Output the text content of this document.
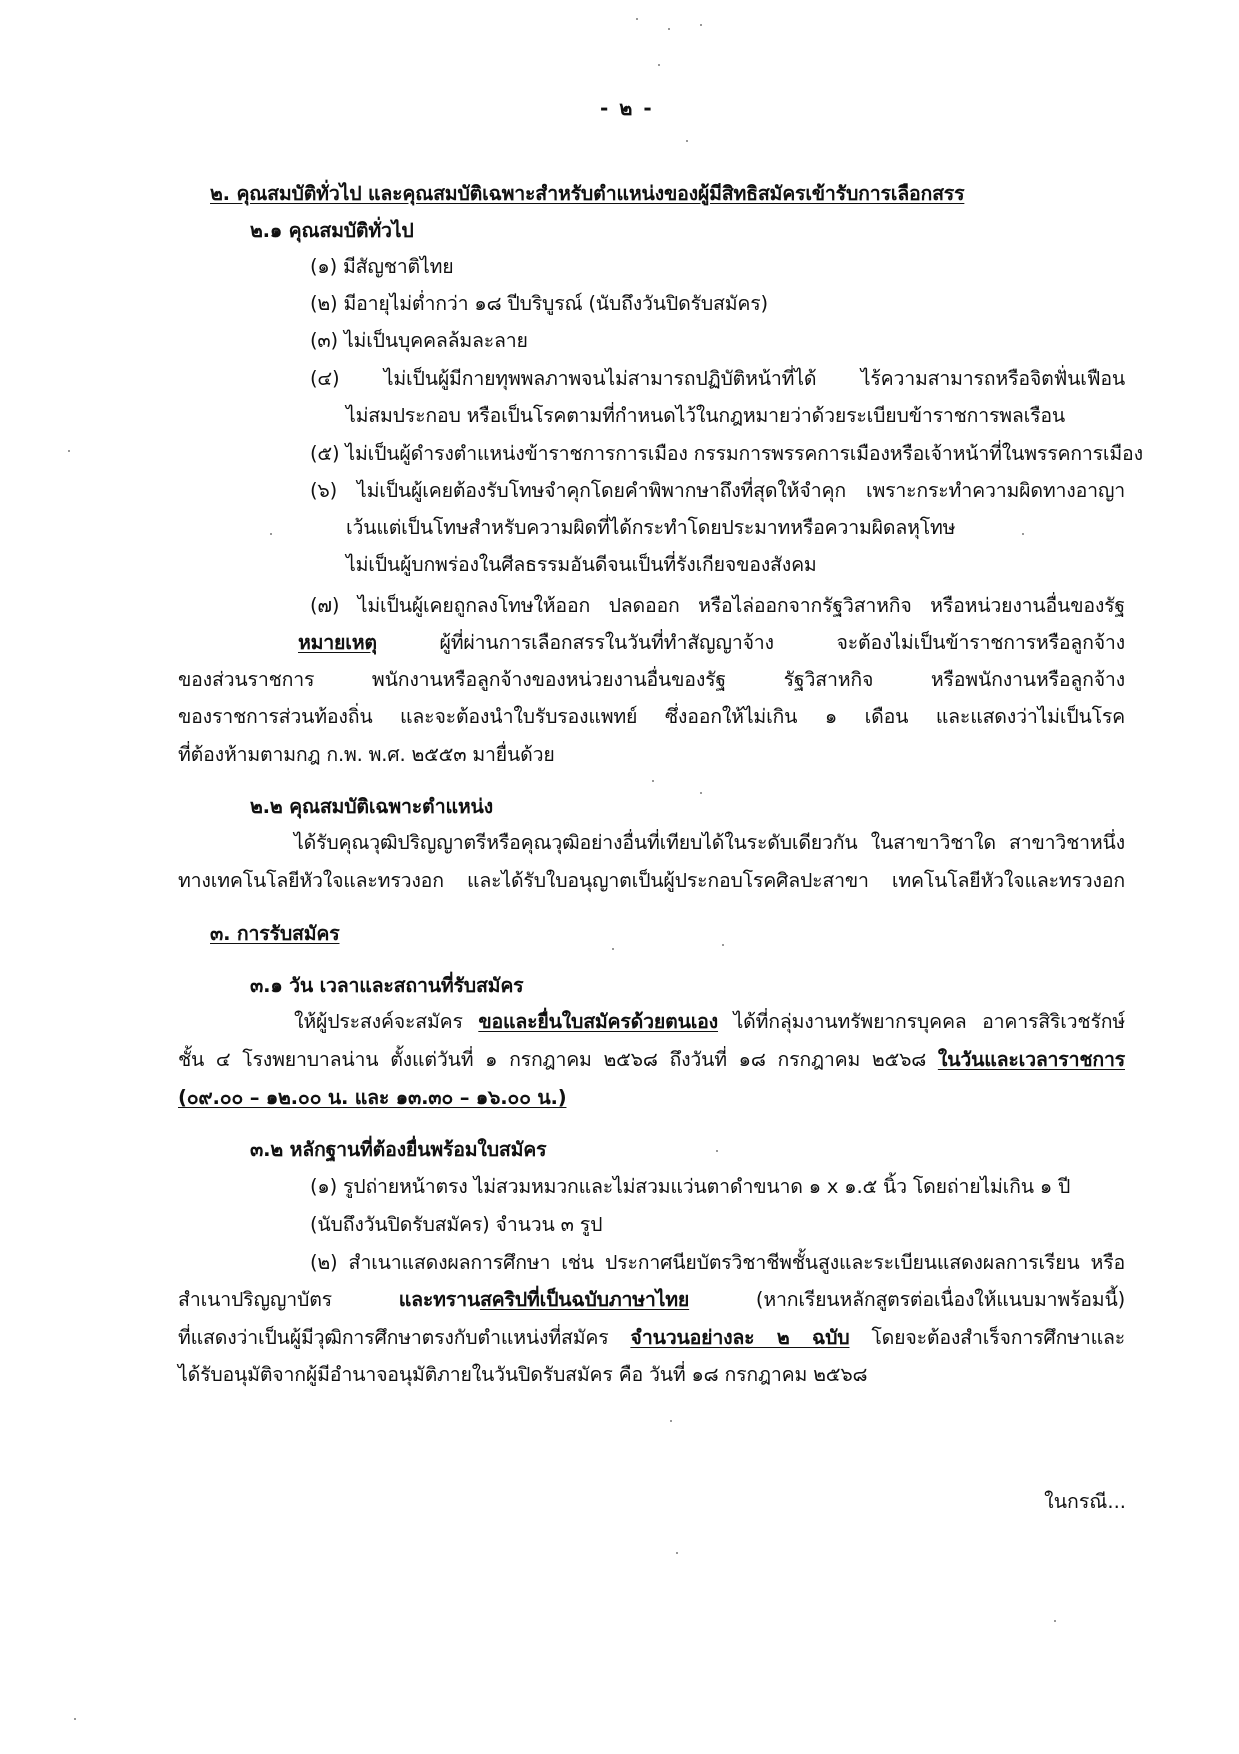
- ๒ -
๒. คุณสมบัติทั่วไป และคุณสมบัติเฉพาะสำหรับตำแหน่งของผู้มีสิทธิสมัครเข้ารับการเลือกสรร
๒.๑ คุณสมบัติทั่วไป
(๑) มีสัญชาติไทย
(๒) มีอายุไม่ต่ำกว่า ๑๘ ปีบริบูรณ์ (นับถึงวันปิดรับสมัคร)
(๓) ไม่เป็นบุคคลล้มละลาย
(๔) ไม่เป็นผู้มีกายทุพพลภาพจนไม่สามารถปฏิบัติหน้าที่ได้ ไร้ความสามารถหรือจิตฟั่นเฟือน
ไม่สมประกอบ หรือเป็นโรคตามที่กำหนดไว้ในกฎหมายว่าด้วยระเบียบข้าราชการพลเรือน
(๕) ไม่เป็นผู้ดำรงตำแหน่งข้าราชการการเมือง กรรมการพรรคการเมืองหรือเจ้าหน้าที่ในพรรคการเมือง
(๖) ไม่เป็นผู้เคยต้องรับโทษจำคุกโดยคำพิพากษาถึงที่สุดให้จำคุก เพราะกระทำความผิดทางอาญา
เว้นแต่เป็นโทษสำหรับความผิดที่ได้กระทำโดยประมาทหรือความผิดลหุโทษ
ไม่เป็นผู้บกพร่องในศีลธรรมอันดีจนเป็นที่รังเกียจของสังคม
(๗) ไม่เป็นผู้เคยถูกลงโทษให้ออก ปลดออก หรือไล่ออกจากรัฐวิสาหกิจ หรือหน่วยงานอื่นของรัฐ
หมายเหตุ	ผู้ที่ผ่านการเลือกสรรในวันที่ทำสัญญาจ้าง จะต้องไม่เป็นข้าราชการหรือลูกจ้าง
ของส่วนราชการ พนักงานหรือลูกจ้างของหน่วยงานอื่นของรัฐ รัฐวิสาหกิจ หรือพนักงานหรือลูกจ้าง
ของราชการส่วนท้องถิ่น และจะต้องนำใบรับรองแพทย์ ซึ่งออกให้ไม่เกิน ๑ เดือน และแสดงว่าไม่เป็นโรค
ที่ต้องห้ามตามกฎ ก.พ. พ.ศ. ๒๕๕๓ มายื่นด้วย
๒.๒ คุณสมบัติเฉพาะตำแหน่ง
ได้รับคุณวุฒิปริญญาตรีหรือคุณวุฒิอย่างอื่นที่เทียบได้ในระดับเดียวกัน ในสาขาวิชาใด สาขาวิชาหนึ่ง
ทางเทคโนโลยีหัวใจและทรวงอก และได้รับใบอนุญาตเป็นผู้ประกอบโรคศิลปะสาขา เทคโนโลยีหัวใจและทรวงอก
๓. การรับสมัคร
๓.๑ วัน เวลาและสถานที่รับสมัคร
ให้ผู้ประสงค์จะสมัคร ขอและยื่นใบสมัครด้วยตนเอง ได้ที่กลุ่มงานทรัพยากรบุคคล อาคารสิริเวชรักษ์
ชั้น ๔ โรงพยาบาลน่าน ตั้งแต่วันที่ ๑ กรกฎาคม ๒๕๖๘ ถึงวันที่ ๑๘ กรกฎาคม ๒๕๖๘ ในวันและเวลาราชการ
(๐๙.๐๐ – ๑๒.๐๐ น. และ ๑๓.๓๐ – ๑๖.๐๐ น.)
๓.๒ หลักฐานที่ต้องยื่นพร้อมใบสมัคร
(๑) รูปถ่ายหน้าตรง ไม่สวมหมวกและไม่สวมแว่นตาดำขนาด ๑ x ๑.๕ นิ้ว โดยถ่ายไม่เกิน ๑ ปี
(นับถึงวันปิดรับสมัคร) จำนวน ๓ รูป
(๒) สำเนาแสดงผลการศึกษา เช่น ประกาศนียบัตรวิชาชีพชั้นสูงและระเบียนแสดงผลการเรียน หรือ
สำเนาปริญญาบัตร และทรานสคริปที่เป็นฉบับภาษาไทย (หากเรียนหลักสูตรต่อเนื่องให้แนบมาพร้อมนี้)
ที่แสดงว่าเป็นผู้มีวุฒิการศึกษาตรงกับตำแหน่งที่สมัคร จำนวนอย่างละ ๒ ฉบับ โดยจะต้องสำเร็จการศึกษาและ
ได้รับอนุมัติจากผู้มีอำนาจอนุมัติภายในวันปิดรับสมัคร คือ วันที่ ๑๘ กรกฎาคม ๒๕๖๘
ในกรณี...
